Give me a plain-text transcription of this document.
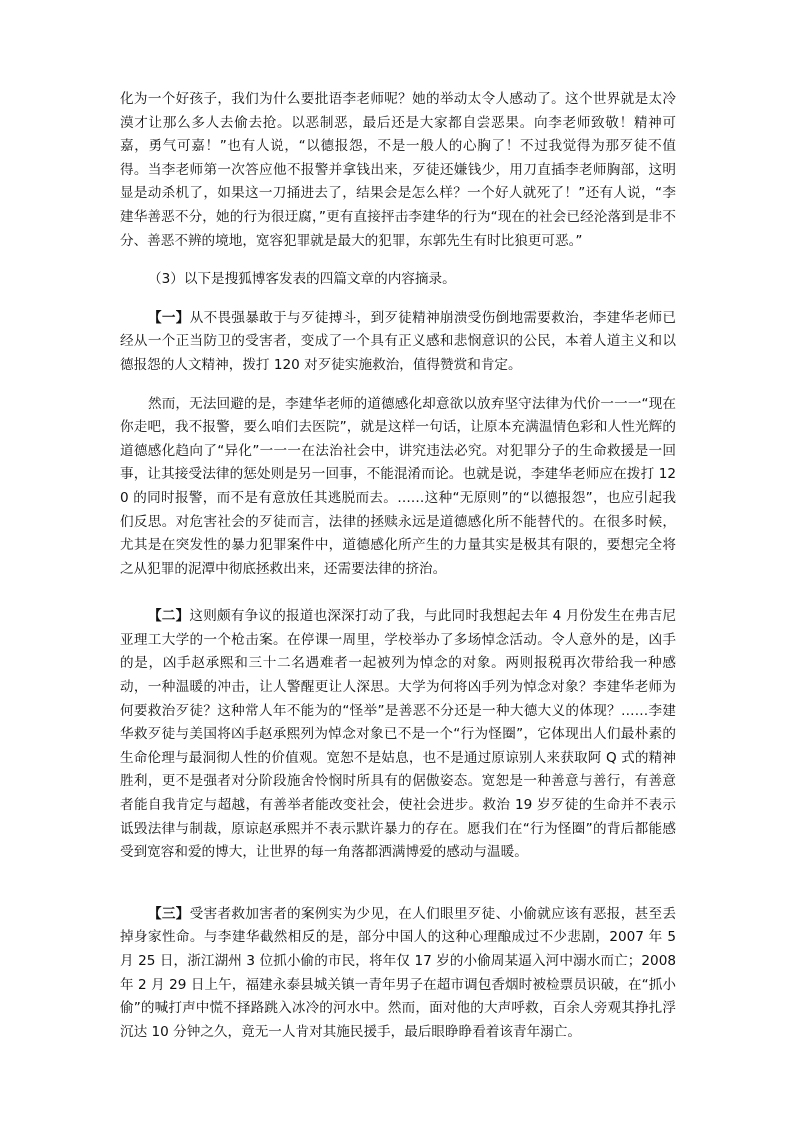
化为一个好孩子，我们为什么要批语李老师呢？她的举动太令人感动了。这个世界就是太冷漠才让那么多人去偷去抢。以恶制恶，最后还是大家都自尝恶果。向李老师致敬！精神可嘉，勇气可嘉！”也有人说，“以德报怨，不是一般人的心胸了！不过我觉得为那歹徒不值得。当李老师第一次答应他不报警并拿钱出来，歹徒还嫌钱少，用刀直插李老师胸部，这明显是动杀机了，如果这一刀捅进去了，结果会是怎么样？一个好人就死了！”还有人说，“李建华善恶不分，她的行为很迂腐，”更有直接抨击李建华的行为“现在的社会已经沦落到是非不分、善恶不辨的境地，宽容犯罪就是最大的犯罪，东郭先生有时比狼更可恶。”

（3）以下是搜狐博客发表的四篇文章的内容摘录。

【一】从不畏强暴敢于与歹徒搏斗，到歹徒精神崩溃受伤倒地需要救治，李建华老师已经从一个正当防卫的受害者，变成了一个具有正义感和悲悯意识的公民，本着人道主义和以德报怨的人文精神，拨打 120 对歹徒实施救治，值得赞赏和肯定。

然而，无法回避的是，李建华老师的道德感化却意欲以放弃坚守法律为代价一一一“现在你走吧，我不报警，要么咱们去医院”，就是这样一句话，让原本充满温情色彩和人性光辉的道德感化趋向了“异化”一一一在法治社会中，讲究违法必究。对犯罪分子的生命救援是一回事，让其接受法律的惩处则是另一回事，不能混淆而论。也就是说，李建华老师应在拨打 120 的同时报警，而不是有意放任其逃脱而去。……这种“无原则”的“以德报怨”，也应引起我们反思。对危害社会的歹徒而言，法律的拯赎永远是道德感化所不能替代的。在很多时候，尤其是在突发性的暴力犯罪案件中，道德感化所产生的力量其实是极其有限的，要想完全将之从犯罪的泥潭中彻底拯救出来，还需要法律的挤治。

【二】这则颇有争议的报道也深深打动了我，与此同时我想起去年 4 月份发生在弗吉尼亚理工大学的一个枪击案。在停课一周里，学校举办了多场悼念活动。令人意外的是，凶手的是，凶手赵承熙和三十二名遇难者一起被列为悼念的对象。两则报税再次带给我一种感动，一种温暖的冲击，让人警醒更让人深思。大学为何将凶手列为悼念对象？李建华老师为何要救治歹徒？这种常人年不能为的“怪举”是善恶不分还是一种大德大义的体现？……李建华救歹徒与美国将凶手赵承熙列为悼念对象已不是一个“行为怪圈”，它体现出人们最朴素的生命伦理与最洞彻人性的价值观。宽恕不是姑息，也不是通过原谅别人来获取阿 Q 式的精神胜利，更不是强者对分阶段施舍怜悯时所具有的倨傲姿态。宽恕是一种善意与善行，有善意者能自我肯定与超越，有善举者能改变社会，使社会进步。救治 19 岁歹徒的生命并不表示诋毁法律与制裁，原谅赵承熙并不表示默许暴力的存在。愿我们在“行为怪圈”的背后都能感受到宽容和爱的博大，让世界的每一角落都洒满博爱的感动与温暖。

【三】受害者救加害者的案例实为少见，在人们眼里歹徒、小偷就应该有恶报，甚至丢掉身家性命。与李建华截然相反的是，部分中国人的这种心理酿成过不少悲剧，2007 年 5 月 25 日，浙江湖州 3 位抓小偷的市民，将年仅 17 岁的小偷周某逼入河中溺水而亡；2008 年 2 月 29 日上午，福建永泰县城关镇一青年男子在超市调包香烟时被检票员识破，在“抓小偷”的喊打声中慌不择路跳入冰冷的河水中。然而，面对他的大声呼救，百余人旁观其挣扎浮沉达 10 分钟之久，竟无一人肯对其施民援手，最后眼睁睁看着该青年溺亡。
